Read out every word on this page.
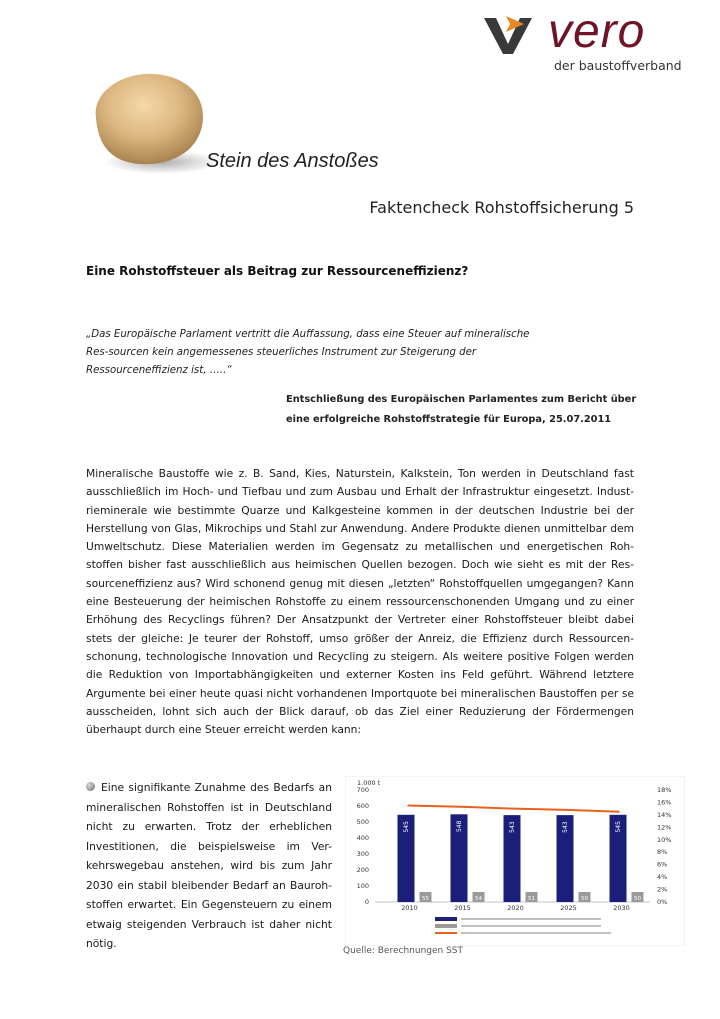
vero
der baustoffverband
Stein des Anstoßes
Faktencheck Rohstoffsicherung 5
Eine Rohstoffsteuer als Beitrag zur Ressourceneffizienz?
„Das Europäische Parlament vertritt die Auffassung, dass eine Steuer auf mineralische Res-sourcen kein angemessenes steuerliches Instrument zur Steigerung der Ressourceneffizienz ist, …..“
Entschließung des Europäischen Parlamentes zum Bericht über eine erfolgreiche Rohstoffstrategie für Europa, 25.07.2011
Mineralische Baustoffe wie z. B. Sand, Kies, Naturstein, Kalkstein, Ton werden in Deutschland fast ausschließlich im Hoch- und Tiefbau und zum Ausbau und Erhalt der Infrastruktur eingesetzt. Indust-rieminerale wie bestimmte Quarze und Kalkgesteine kommen in der deutschen Industrie bei der Herstellung von Glas, Mikrochips und Stahl zur Anwendung. Andere Produkte dienen unmittelbar dem Umweltschutz. Diese Materialien werden im Gegensatz zu metallischen und energetischen Roh-stoffen bisher fast ausschließlich aus heimischen Quellen bezogen. Doch wie sieht es mit der Res-sourceneffizienz aus? Wird schonend genug mit diesen „letzten“ Rohstoffquellen umgegangen? Kann eine Besteuerung der heimischen Rohstoffe zu einem ressourcenschonenden Umgang und zu einer Erhöhung des Recyclings führen? Der Ansatzpunkt der Vertreter einer Rohstoffsteuer bleibt dabei stets der gleiche: Je teurer der Rohstoff, umso größer der Anreiz, die Effizienz durch Ressourcen-schonung, technologische Innovation und Recycling zu steigern. Als weitere positive Folgen werden die Reduktion von Importabhängigkeiten und externer Kosten ins Feld geführt. Während letztere Argumente bei einer heute quasi nicht vorhandenen Importquote bei mineralischen Baustoffen per se ausscheiden, lohnt sich auch der Blick darauf, ob das Ziel einer Reduzierung der Fördermengen überhaupt durch eine Steuer erreicht werden kann:
Eine signifikante Zunahme des Bedarfs an mineralischen Rohstoffen ist in Deutschland nicht zu erwarten. Trotz der erheblichen Investitionen, die beispielsweise im Ver-kehrswegebau anstehen, wird bis zum Jahr 2030 ein stabil bleibender Bedarf an Bauroh-stoffen erwartet. Ein Gegensteuern zu einem etwaig steigenden Verbrauch ist daher nicht nötig.
1.000 t
700
600
500
400
300
200
100
0
18%
16%
14%
12%
10%
8%
6%
4%
2%
0%
545
55
548
54
543
51
543
50
545
50
2010	2015	2020	2025	2030
Quelle: Berechnungen SST
